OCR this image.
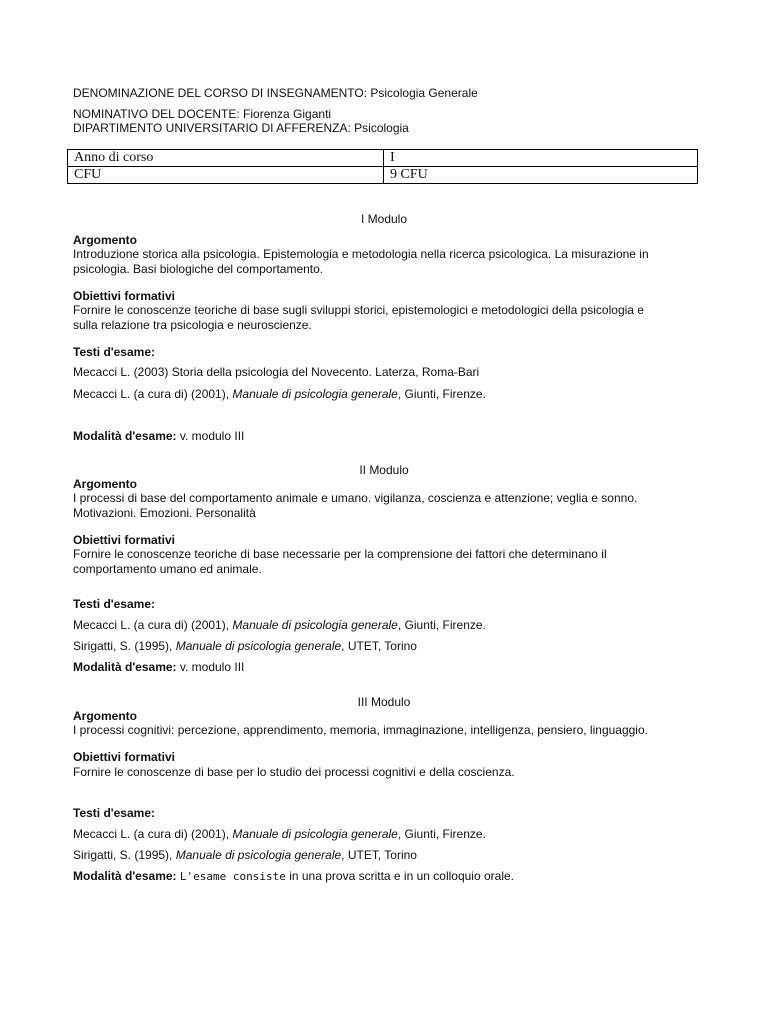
DENOMINAZIONE DEL CORSO DI INSEGNAMENTO: Psicologia Generale
NOMINATIVO DEL DOCENTE: Fiorenza Giganti
DIPARTIMENTO UNIVERSITARIO DI AFFERENZA: Psicologia
Anno di corso	I
CFU	9 CFU
I Modulo
Argomento
Introduzione storica alla psicologia. Epistemologia e metodologia nella ricerca psicologica. La misurazione in
psicologia. Basi biologiche del comportamento.
Obiettivi formativi
Fornire le conoscenze teoriche di base sugli sviluppi storici, epistemologici e metodologici della psicologia e
sulla relazione tra psicologia e neuroscienze.
Testi d'esame:
Mecacci L. (2003) Storia della psicologia del Novecento. Laterza, Roma-Bari
Mecacci L. (a cura di) (2001), Manuale di psicologia generale, Giunti, Firenze.
Modalità d'esame: v. modulo III
II Modulo
Argomento
I processi di base del comportamento animale e umano. vigilanza, coscienza e attenzione; veglia e sonno.
Motivazioni. Emozioni. Personalità
Obiettivi formativi
Fornire le conoscenze teoriche di base necessarie per la comprensione dei fattori che determinano il
comportamento umano ed animale.
Testi d'esame:
Mecacci L. (a cura di) (2001), Manuale di psicologia generale, Giunti, Firenze.
Sirigatti, S. (1995), Manuale di psicologia generale, UTET, Torino
Modalità d'esame: v. modulo III
III Modulo
Argomento
I processi cognitivi: percezione, apprendimento, memoria, immaginazione, intelligenza, pensiero, linguaggio.
Obiettivi formativi
Fornire le conoscenze di base per lo studio dei processi cognitivi e della coscienza.
Testi d'esame:
Mecacci L. (a cura di) (2001), Manuale di psicologia generale, Giunti, Firenze.
Sirigatti, S. (1995), Manuale di psicologia generale, UTET, Torino
Modalità d'esame: L'esame consiste in una prova scritta e in un colloquio orale.
